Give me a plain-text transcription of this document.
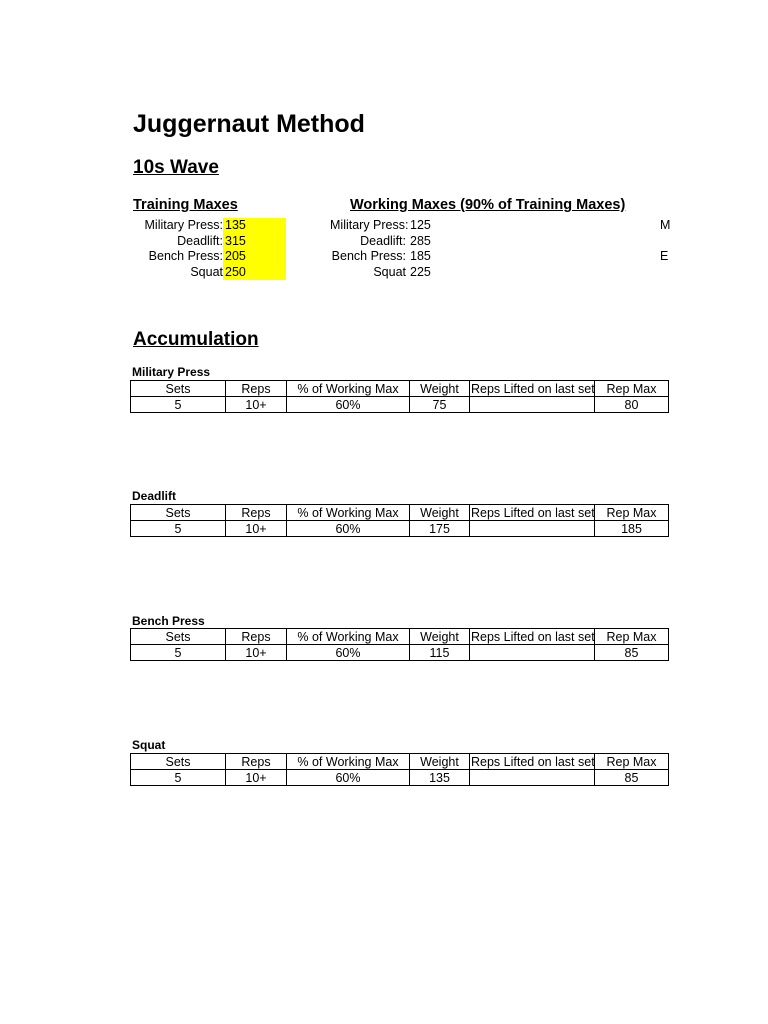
Juggernaut Method
10s Wave
Training Maxes	Working Maxes (90% of Training Maxes)
Military Press: 135
Deadlift: 315
Bench Press: 205
Squat 250
Military Press: 125
Deadlift: 285
Bench Press: 185
Squat 225
M
E
Accumulation
Military Press
Sets	Reps	% of Working Max	Weight	Reps Lifted on last set	Rep Max
5	10+	60%	75		80
Deadlift
Sets	Reps	% of Working Max	Weight	Reps Lifted on last set	Rep Max
5	10+	60%	175		185
Bench Press
Sets	Reps	% of Working Max	Weight	Reps Lifted on last set	Rep Max
5	10+	60%	115		85
Squat
Sets	Reps	% of Working Max	Weight	Reps Lifted on last set	Rep Max
5	10+	60%	135		85
